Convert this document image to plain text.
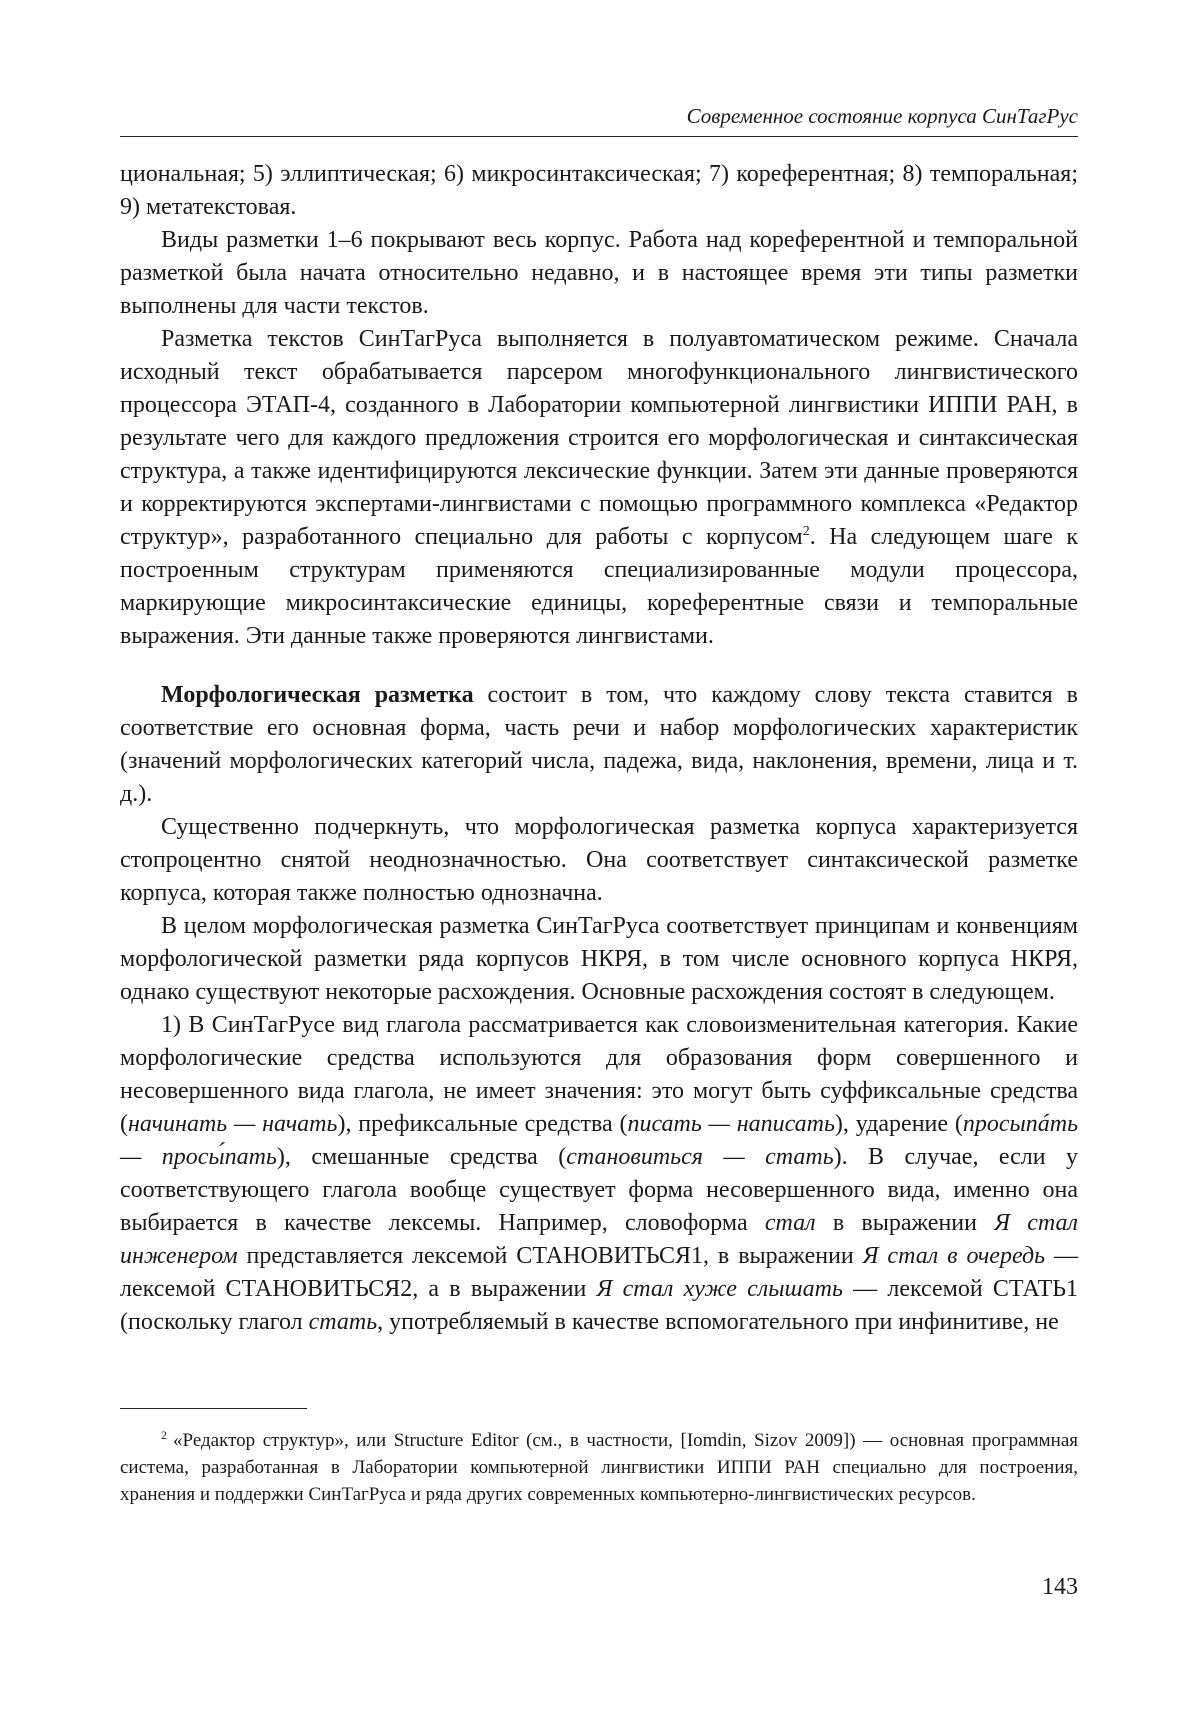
Современное состояние корпуса СинТагРус

циональная; 5) эллиптическая; 6) микросинтаксическая; 7) кореферентная; 8) темпоральная; 9) метатекстовая.

Виды разметки 1–6 покрывают весь корпус. Работа над кореферентной и темпоральной разметкой была начата относительно недавно, и в настоящее время эти типы разметки выполнены для части текстов.

Разметка текстов СинТагРуса выполняется в полуавтоматическом режиме. Сначала исходный текст обрабатывается парсером многофункционального лингвистического процессора ЭТАП-4, созданного в Лаборатории компьютерной лингвистики ИППИ РАН, в результате чего для каждого предложения строится его морфологическая и синтаксическая структура, а также идентифицируются лексические функции. Затем эти данные проверяются и корректируются экспертами-лингвистами с помощью программного комплекса «Редактор структур», разработанного специально для работы с корпусом$^2$. На следующем шаге к построенным структурам применяются специализированные модули процессора, маркирующие микросинтаксические единицы, кореферентные связи и темпоральные выражения. Эти данные также проверяются лингвистами.

Морфологическая разметка состоит в том, что каждому слову текста ставится в соответствие его основная форма, часть речи и набор морфологических характеристик (значений морфологических категорий числа, падежа, вида, наклонения, времени, лица и т. д.).

Существенно подчеркнуть, что морфологическая разметка корпуса характеризуется стопроцентно снятой неоднозначностью. Она соответствует синтаксической разметке корпуса, которая также полностью однозначна.

В целом морфологическая разметка СинТагРуса соответствует принципам и конвенциям морфологической разметки ряда корпусов НКРЯ, в том числе основного корпуса НКРЯ, однако существуют некоторые расхождения. Основные расхождения состоят в следующем.

1) В СинТагРусе вид глагола рассматривается как словоизменительная категория. Какие морфологические средства используются для образования форм совершенного и несовершенного вида глагола, не имеет значения: это могут быть суффиксальные средства (начинать — начать), префиксальные средства (писать — написать), ударение (просыпáть — просы́пать), смешанные средства (становиться — стать). В случае, если у соответствующего глагола вообще существует форма несовершенного вида, именно она выбирается в качестве лексемы. Например, словоформа стал в выражении Я стал инженером представляется лексемой СТАНОВИТЬСЯ1, в выражении Я стал в очередь — лексемой СТАНОВИТЬСЯ2, а в выражении Я стал хуже слышать — лексемой СТАТЬ1 (поскольку глагол стать, употребляемый в качестве вспомогательного при инфинитиве, не

$^2$ «Редактор структур», или Structure Editor (см., в частности, [Iomdin, Sizov 2009]) — основная программная система, разработанная в Лаборатории компьютерной лингвистики ИППИ РАН специально для построения, хранения и поддержки СинТагРуса и ряда других современных компьютерно-лингвистических ресурсов.

143
